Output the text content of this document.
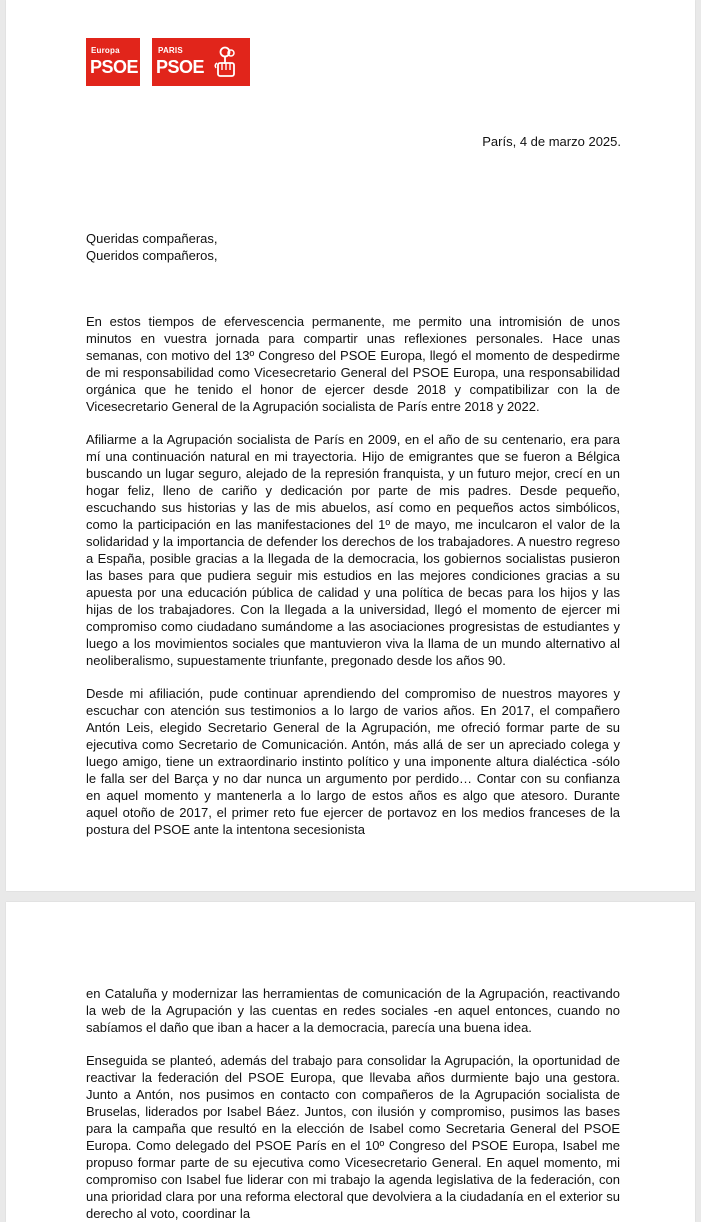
Europa
PSOE
PARIS
PSOE
París, 4 de marzo 2025.
Queridas compañeras,
Queridos compañeros,

En estos tiempos de efervescencia permanente, me permito una intromisión de unos minutos en vuestra jornada para compartir unas reflexiones personales. Hace unas semanas, con motivo del 13º Congreso del PSOE Europa, llegó el momento de despedirme de mi responsabilidad como Vicesecretario General del PSOE Europa, una responsabilidad orgánica que he tenido el honor de ejercer desde 2018 y compatibilizar con la de Vicesecretario General de la Agrupación socialista de París entre 2018 y 2022.

Afiliarme a la Agrupación socialista de París en 2009, en el año de su centenario, era para mí una continuación natural en mi trayectoria. Hijo de emigrantes que se fueron a Bélgica buscando un lugar seguro, alejado de la represión franquista, y un futuro mejor, crecí en un hogar feliz, lleno de cariño y dedicación por parte de mis padres. Desde pequeño, escuchando sus historias y las de mis abuelos, así como en pequeños actos simbólicos, como la participación en las manifestaciones del 1º de mayo, me inculcaron el valor de la solidaridad y la importancia de defender los derechos de los trabajadores. A nuestro regreso a España, posible gracias a la llegada de la democracia, los gobiernos socialistas pusieron las bases para que pudiera seguir mis estudios en las mejores condiciones gracias a su apuesta por una educación pública de calidad y una política de becas para los hijos y las hijas de los trabajadores. Con la llegada a la universidad, llegó el momento de ejercer mi compromiso como ciudadano sumándome a las asociaciones progresistas de estudiantes y luego a los movimientos sociales que mantuvieron viva la llama de un mundo alternativo al neoliberalismo, supuestamente triunfante, pregonado desde los años 90.

Desde mi afiliación, pude continuar aprendiendo del compromiso de nuestros mayores y escuchar con atención sus testimonios a lo largo de varios años. En 2017, el compañero Antón Leis, elegido Secretario General de la Agrupación, me ofreció formar parte de su ejecutiva como Secretario de Comunicación. Antón, más allá de ser un apreciado colega y luego amigo, tiene un extraordinario instinto político y una imponente altura dialéctica -sólo le falla ser del Barça y no dar nunca un argumento por perdido… Contar con su confianza en aquel momento y mantenerla a lo largo de estos años es algo que atesoro. Durante aquel otoño de 2017, el primer reto fue ejercer de portavoz en los medios franceses de la postura del PSOE ante la intentona secesionista

en Cataluña y modernizar las herramientas de comunicación de la Agrupación, reactivando la web de la Agrupación y las cuentas en redes sociales -en aquel entonces, cuando no sabíamos el daño que iban a hacer a la democracia, parecía una buena idea.

Enseguida se planteó, además del trabajo para consolidar la Agrupación, la oportunidad de reactivar la federación del PSOE Europa, que llevaba años durmiente bajo una gestora. Junto a Antón, nos pusimos en contacto con compañeros de la Agrupación socialista de Bruselas, liderados por Isabel Báez. Juntos, con ilusión y compromiso, pusimos las bases para la campaña que resultó en la elección de Isabel como Secretaria General del PSOE Europa. Como delegado del PSOE París en el 10º Congreso del PSOE Europa, Isabel me propuso formar parte de su ejecutiva como Vicesecretario General. En aquel momento, mi compromiso con Isabel fue liderar con mi trabajo la agenda legislativa de la federación, con una prioridad clara por una reforma electoral que devolviera a la ciudadanía en el exterior su derecho al voto, coordinar la
